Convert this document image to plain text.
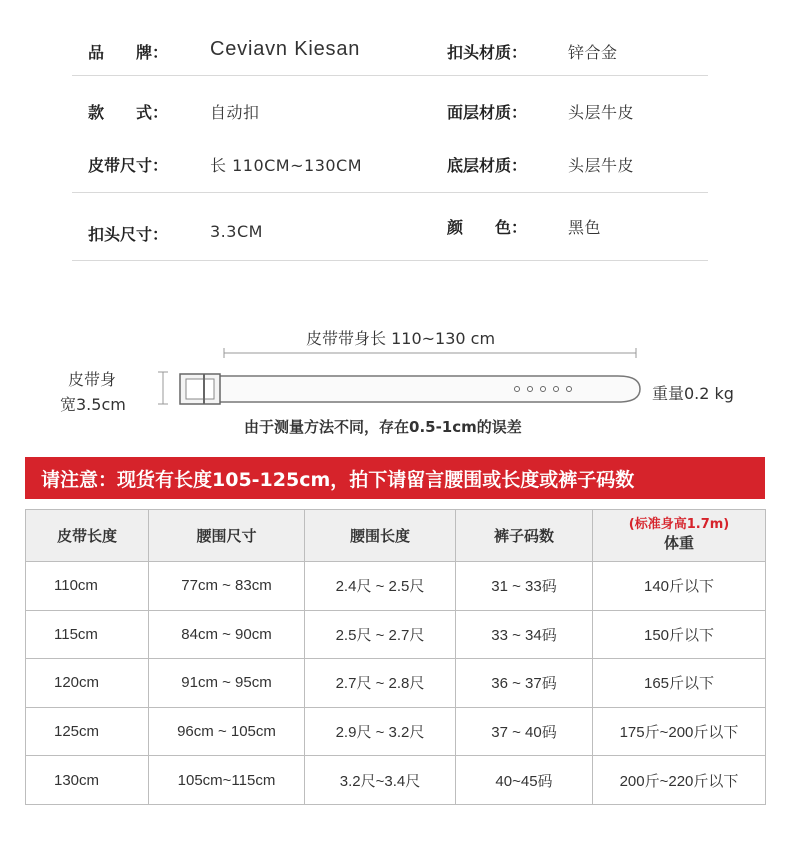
品　　牌： Ceviavn Kiesan	扣头材质：	锌合金
款　　式：	自动扣	面层材质：	头层牛皮
皮带尺寸：	长 110CM~130CM	底层材质：	头层牛皮
扣头尺寸：	3.3CM	颜　　色：	黑色
皮带带身长 110~130 cm
皮带身
宽3.5cm
重量0.2 kg
由于测量方法不同，存在0.5-1cm的误差
请注意：现货有长度105-125cm，拍下请留言腰围或长度或裤子码数
皮带长度	腰围尺寸	腰围长度	裤子码数	(标准身高1.7m)
体重
110cm	77cm ~ 83cm	2.4尺 ~ 2.5尺	31 ~ 33码	140斤以下
115cm	84cm ~ 90cm	2.5尺 ~ 2.7尺	33 ~ 34码	150斤以下
120cm	91cm ~ 95cm	2.7尺 ~ 2.8尺	36 ~ 37码	165斤以下
125cm	96cm ~ 105cm	2.9尺 ~ 3.2尺	37 ~ 40码	175斤~200斤以下
130cm	105cm~115cm	3.2尺~3.4尺	40~45码	200斤~220斤以下
